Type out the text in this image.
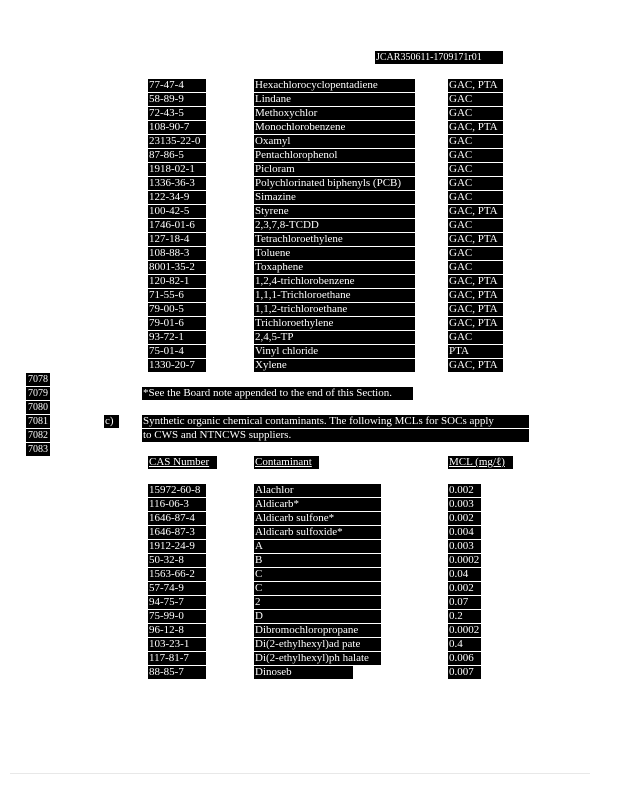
JCAR350611-1709171r01
77-47-4	Hexachlorocyclopentadiene	GAC, PTA
58-89-9	Lindane	GAC
72-43-5	Methoxychlor	GAC
108-90-7	Monochlorobenzene	GAC, PTA
23135-22-0	Oxamyl	GAC
87-86-5	Pentachlorophenol	GAC
1918-02-1	Picloram	GAC
1336-36-3	Polychlorinated biphenyls (PCB)	GAC
122-34-9	Simazine	GAC
100-42-5	Styrene	GAC, PTA
1746-01-6	2,3,7,8-TCDD	GAC
127-18-4	Tetrachloroethylene	GAC, PTA
108-88-3	Toluene	GAC
8001-35-2	Toxaphene	GAC
120-82-1	1,2,4-trichlorobenzene	GAC, PTA
71-55-6	1,1,1-Trichloroethane	GAC, PTA
79-00-5	1,1,2-trichloroethane	GAC, PTA
79-01-6	Trichloroethylene	GAC, PTA
93-72-1	2,4,5-TP	GAC
75-01-4	Vinyl chloride	PTA
1330-20-7	Xylene	GAC, PTA
7078
7079
7080
7081
7082
7083
*See the Board note appended to the end of this Section.
c)	Synthetic organic chemical contaminants. The following MCLs for SOCs apply
to CWS and NTNCWS suppliers.
CAS Number	Contaminant	MCL (mg/ℓ)
15972-60-8	Alachlor	0.002
116-06-3	Aldicarb*	0.003
1646-87-4	Aldicarb sulfone*	0.002
1646-87-3	Aldicarb sulfoxide*	0.004
1912-24-9	A	0.003
50-32-8	B	0.0002
1563-66-2	C	0.04
57-74-9	C	0.002
94-75-7	2	0.07
75-99-0	D	0.2
96-12-8	Dibromochloropropane	0.0002
103-23-1	Di(2-ethylhexyl)ad pate	0.4
117-81-7	Di(2-ethylhexyl)ph halate	0.006
88-85-7	Dinoseb	0.007
